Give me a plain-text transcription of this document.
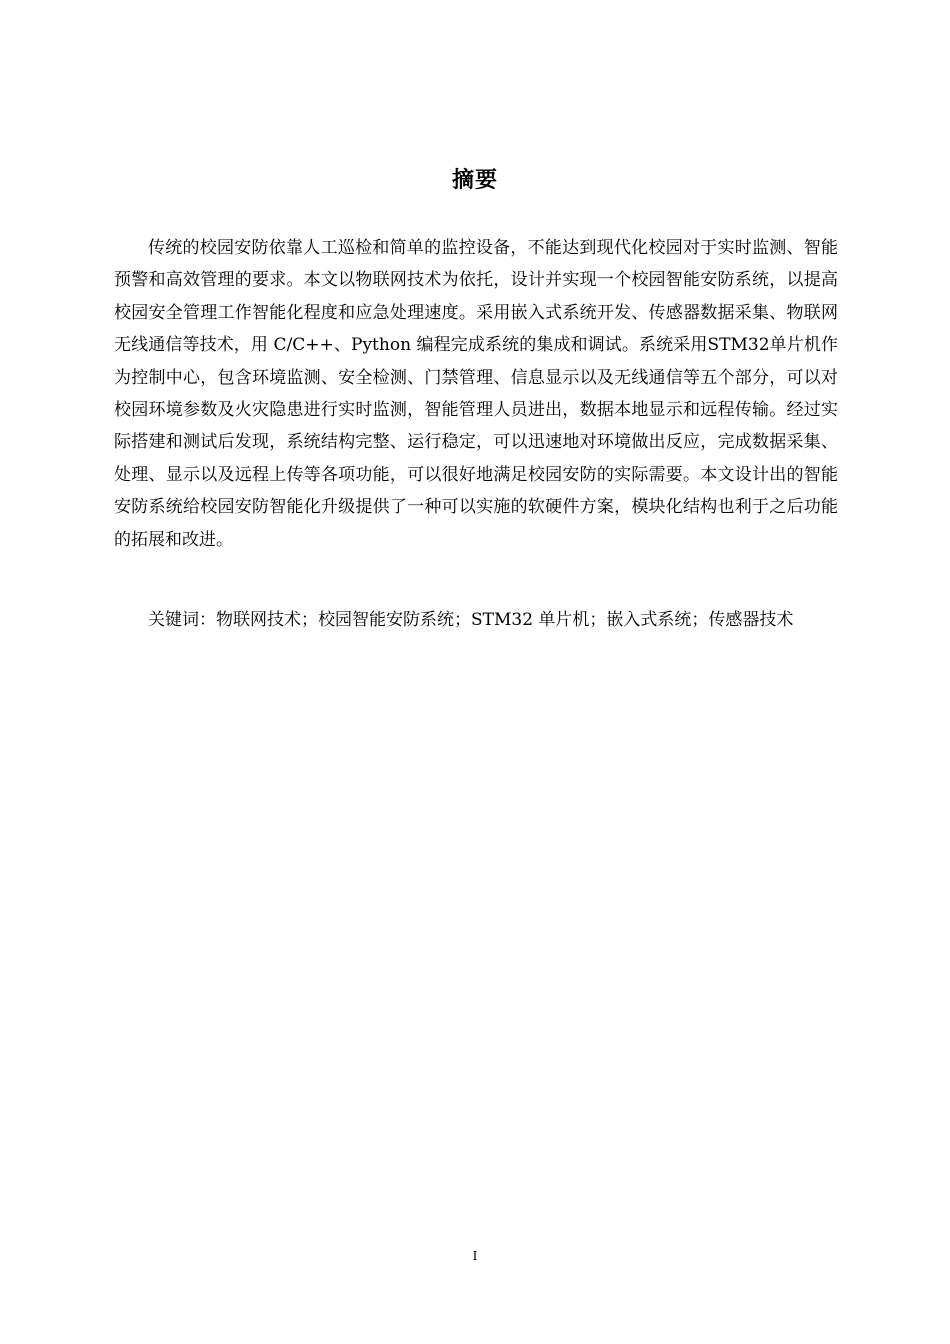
摘要

传统的校园安防依靠人工巡检和简单的监控设备，不能达到现代化校园对于实时监测、智能预警和高效管理的要求。本文以物联网技术为依托，设计并实现一个校园智能安防系统，以提高校园安全管理工作智能化程度和应急处理速度。采用嵌入式系统开发、传感器数据采集、物联网无线通信等技术，用 C/C++、Python 编程完成系统的集成和调试。系统采用STM32单片机作为控制中心，包含环境监测、安全检测、门禁管理、信息显示以及无线通信等五个部分，可以对校园环境参数及火灾隐患进行实时监测，智能管理人员进出，数据本地显示和远程传输。经过实际搭建和测试后发现，系统结构完整、运行稳定，可以迅速地对环境做出反应，完成数据采集、处理、显示以及远程上传等各项功能，可以很好地满足校园安防的实际需要。本文设计出的智能安防系统给校园安防智能化升级提供了一种可以实施的软硬件方案，模块化结构也利于之后功能的拓展和改进。

关键词：物联网技术；校园智能安防系统；STM32 单片机；嵌入式系统；传感器技术

I
